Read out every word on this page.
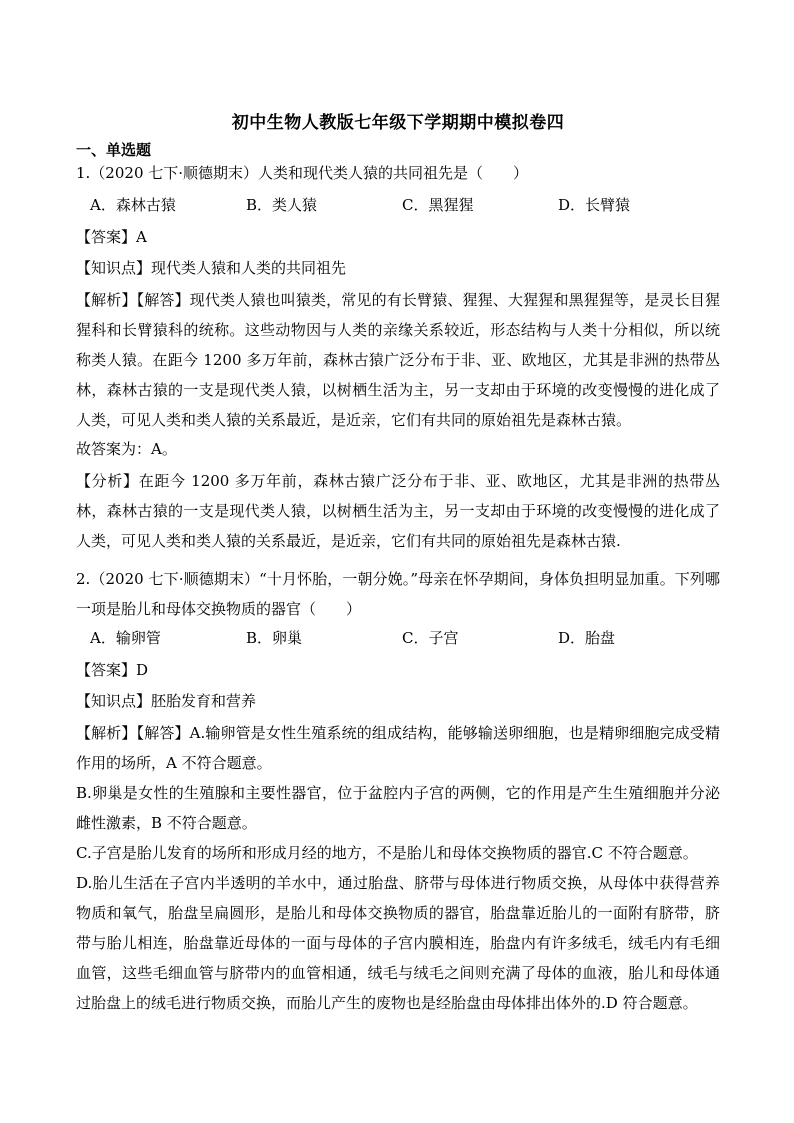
初中生物人教版七年级下学期期中模拟卷四
一、单选题
1.（2020 七下·顺德期末）人类和现代类人猿的共同祖先是（　　）
A．森林古猿	B．类人猿	C．黑猩猩	D．长臂猿
【答案】A
【知识点】现代类人猿和人类的共同祖先
【解析】【解答】现代类人猿也叫猿类，常见的有长臂猿、猩猩、大猩猩和黑猩猩等，是灵长目猩猩科和长臂猿科的统称。这些动物因与人类的亲缘关系较近，形态结构与人类十分相似，所以统称类人猿。在距今 1200 多万年前，森林古猿广泛分布于非、亚、欧地区，尤其是非洲的热带丛林，森林古猿的一支是现代类人猿，以树栖生活为主，另一支却由于环境的改变慢慢的进化成了人类，可见人类和类人猿的关系最近，是近亲，它们有共同的原始祖先是森林古猿。
故答案为：A。
【分析】在距今 1200 多万年前，森林古猿广泛分布于非、亚、欧地区，尤其是非洲的热带丛林，森林古猿的一支是现代类人猿，以树栖生活为主，另一支却由于环境的改变慢慢的进化成了人类，可见人类和类人猿的关系最近，是近亲，它们有共同的原始祖先是森林古猿.
2.（2020 七下·顺德期末）“十月怀胎，一朝分娩。”母亲在怀孕期间，身体负担明显加重。下列哪一项是胎儿和母体交换物质的器官（　　）
A．输卵管	B．卵巢	C．子宫	D．胎盘
【答案】D
【知识点】胚胎发育和营养
【解析】【解答】A.输卵管是女性生殖系统的组成结构，能够输送卵细胞，也是精卵细胞完成受精作用的场所，A 不符合题意。
B.卵巢是女性的生殖腺和主要性器官，位于盆腔内子宫的两侧，它的作用是产生生殖细胞并分泌雌性激素，B 不符合题意。
C.子宫是胎儿发育的场所和形成月经的地方，不是胎儿和母体交换物质的器官.C 不符合题意。
D.胎儿生活在子宫内半透明的羊水中，通过胎盘、脐带与母体进行物质交换，从母体中获得营养物质和氧气，胎盘呈扁圆形，是胎儿和母体交换物质的器官，胎盘靠近胎儿的一面附有脐带，脐带与胎儿相连，胎盘靠近母体的一面与母体的子宫内膜相连，胎盘内有许多绒毛，绒毛内有毛细血管，这些毛细血管与脐带内的血管相通，绒毛与绒毛之间则充满了母体的血液，胎儿和母体通过胎盘上的绒毛进行物质交换，而胎儿产生的废物也是经胎盘由母体排出体外的.D 符合题意。
